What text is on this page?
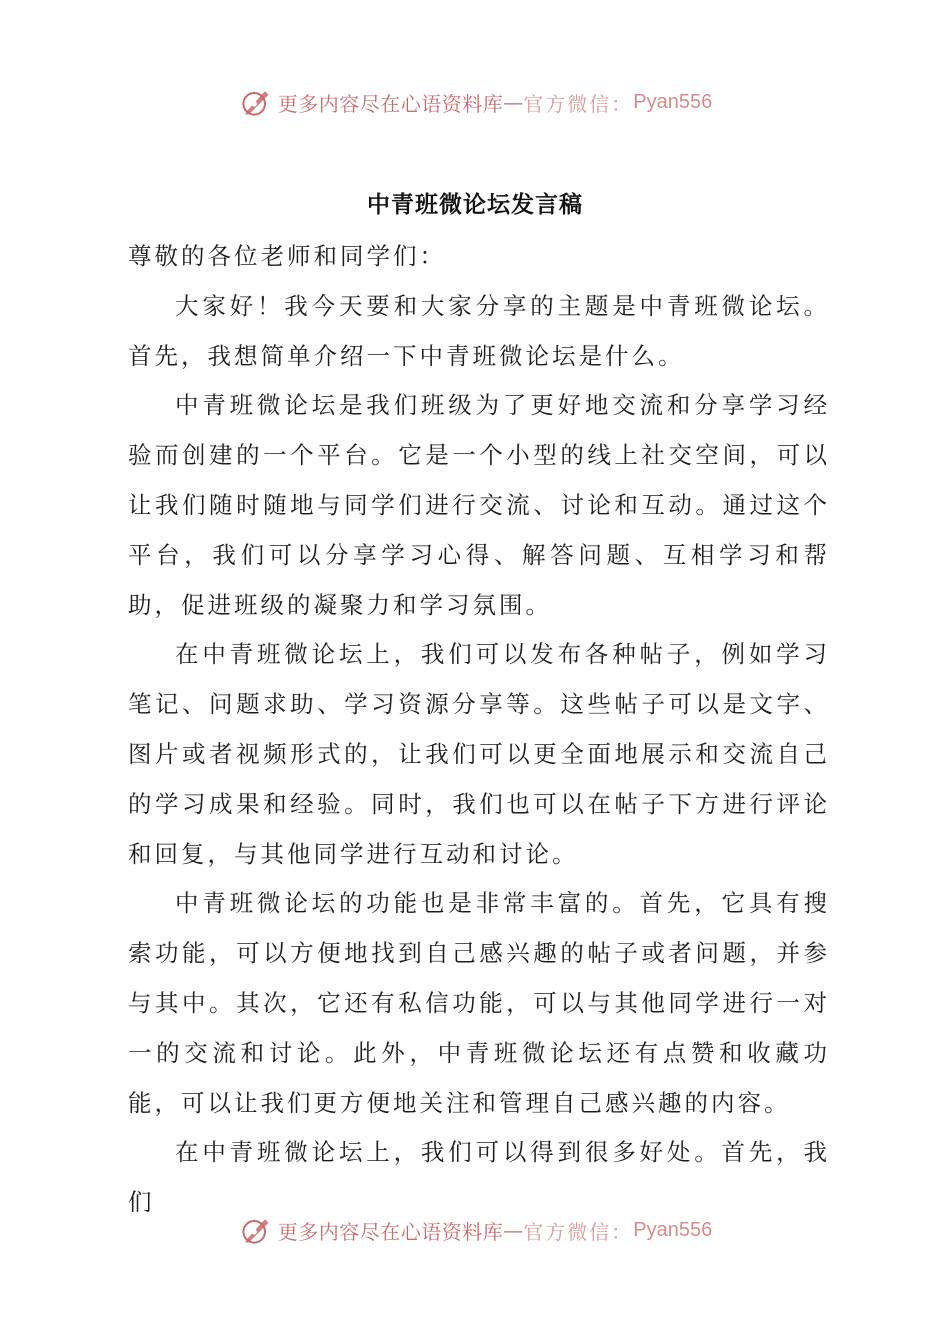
更多内容尽在心语资料库 — 官方微信： Pyan556
中青班微论坛发言稿

尊敬的各位老师和同学们：

大家好！我今天要和大家分享的主题是中青班微论坛。首先，我想简单介绍一下中青班微论坛是什么。

中青班微论坛是我们班级为了更好地交流和分享学习经验而创建的一个平台。它是一个小型的线上社交空间，可以让我们随时随地与同学们进行交流、讨论和互动。通过这个平台，我们可以分享学习心得、解答问题、互相学习和帮助，促进班级的凝聚力和学习氛围。

在中青班微论坛上，我们可以发布各种帖子，例如学习笔记、问题求助、学习资源分享等。这些帖子可以是文字、图片或者视频形式的，让我们可以更全面地展示和交流自己的学习成果和经验。同时，我们也可以在帖子下方进行评论和回复，与其他同学进行互动和讨论。

中青班微论坛的功能也是非常丰富的。首先，它具有搜索功能，可以方便地找到自己感兴趣的帖子或者问题，并参与其中。其次，它还有私信功能，可以与其他同学进行一对一的交流和讨论。此外，中青班微论坛还有点赞和收藏功能，可以让我们更方便地关注和管理自己感兴趣的内容。

在中青班微论坛上，我们可以得到很多好处。首先，我们

更多内容尽在心语资料库 — 官方微信： Pyan556
